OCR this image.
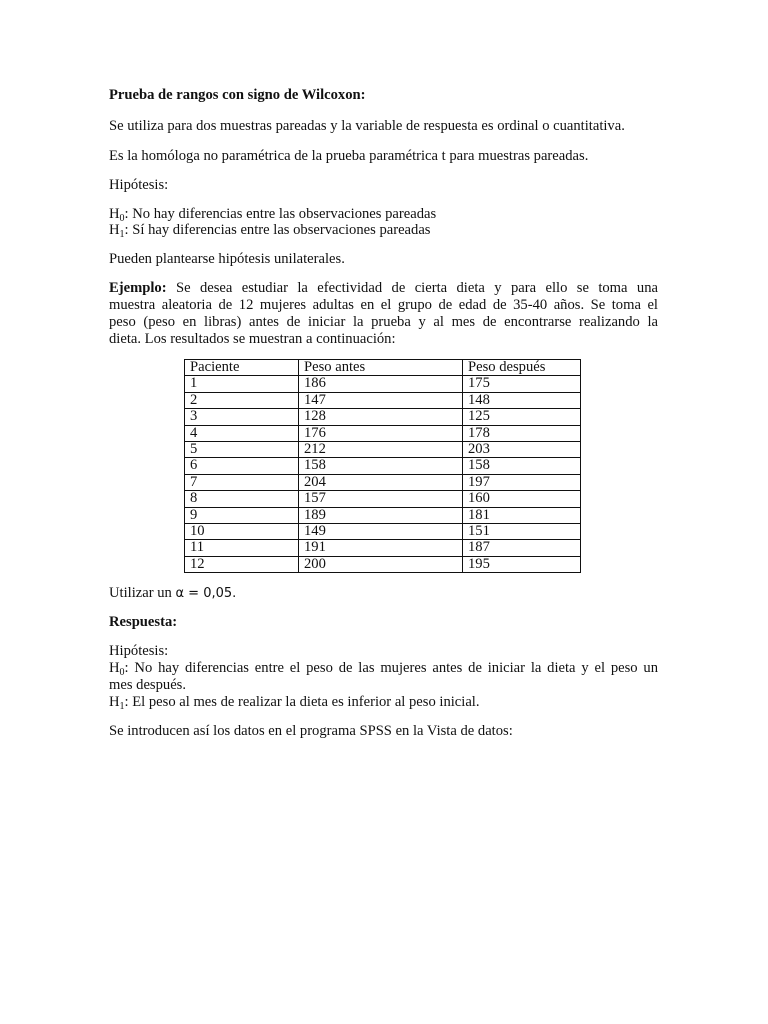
Prueba de rangos con signo de Wilcoxon:
Se utiliza para dos muestras pareadas y la variable de respuesta es ordinal o cuantitativa.
Es la homóloga no paramétrica de la prueba paramétrica t para muestras pareadas.
Hipótesis:
$H_0$: No hay diferencias entre las observaciones pareadas
$H_1$: Sí hay diferencias entre las observaciones pareadas
Pueden plantearse hipótesis unilaterales.
Ejemplo: Se desea estudiar la efectividad de cierta dieta y para ello se toma una
muestra aleatoria de 12 mujeres adultas en el grupo de edad de 35-40 años. Se toma el
peso (peso en libras) antes de iniciar la prueba y al mes de encontrarse realizando la
dieta. Los resultados se muestran a continuación:
Paciente	Peso antes	Peso después
1	186	175
2	147	148
3	128	125
4	176	178
5	212	203
6	158	158
7	204	197
8	157	160
9	189	181
10	149	151
11	191	187
12	200	195
Utilizar un α = 0,05.
Respuesta:
Hipótesis:
$H_0$: No hay diferencias entre el peso de las mujeres antes de iniciar la dieta y el peso un
mes después.
$H_1$: El peso al mes de realizar la dieta es inferior al peso inicial.
Se introducen así los datos en el programa SPSS en la Vista de datos:
